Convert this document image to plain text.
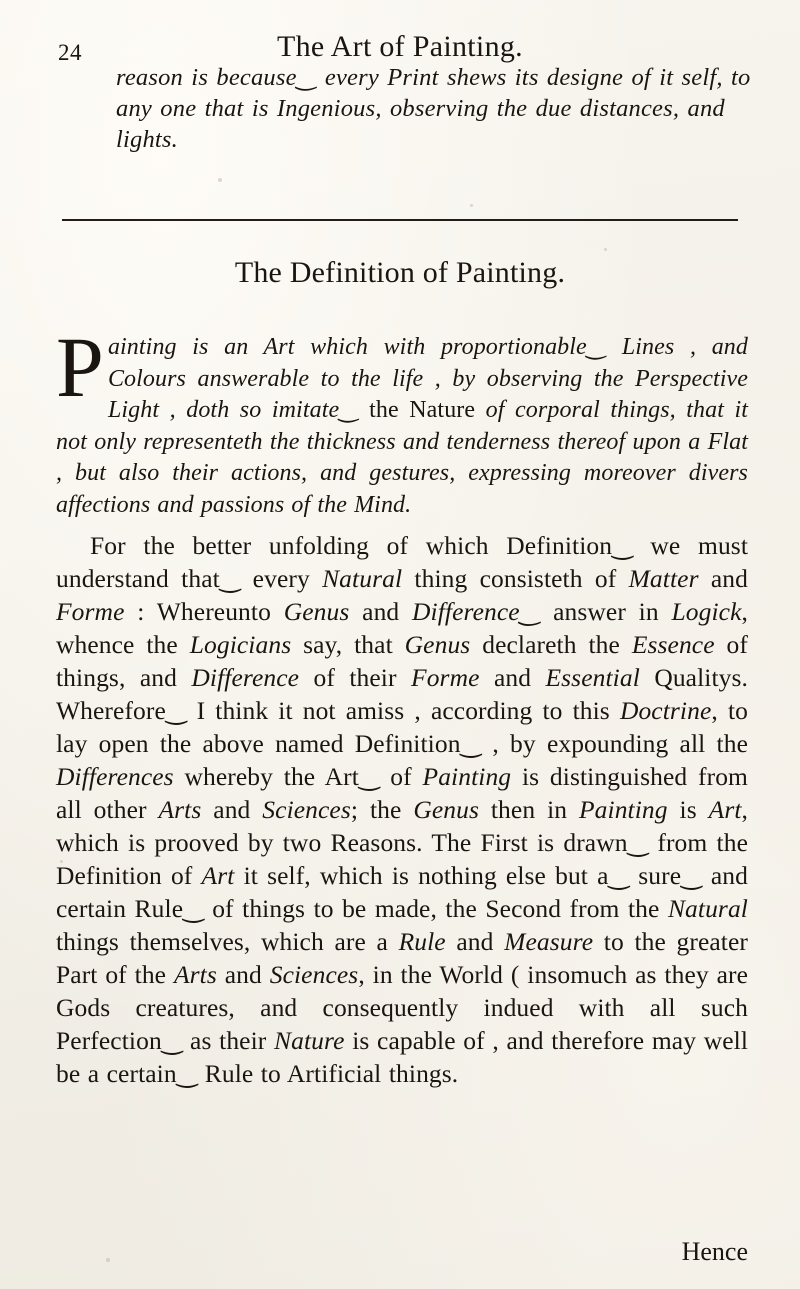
24	The Art of Painting.
reason is because‿ every Print shews its designe of it self, to any one that is Ingenious, observing the due distances, and lights.
The Definition of Painting.
Painting is an Art which with proportionable‿ Lines , and Colours answerable to the life , by observing the Perspective Light , doth so imitate‿ the Nature of corporal things, that it not only representeth the thickness and tenderness thereof upon a Flat , but also their actions, and gestures, expressing moreover divers affections and passions of the Mind.
For the better unfolding of which Definition‿ we must understand that‿ every Natural thing consisteth of Matter and Forme : Whereunto Genus and Difference‿ answer in Logick, whence the Logicians say, that Genus declareth the Essence of things, and Difference of their Forme and Essential Qualitys. Wherefore‿ I think it not amiss , according to this Doctrine, to lay open the above named Definition‿ , by expounding all the Differences whereby the Art‿ of Painting is distinguished from all other Arts and Sciences; the Genus then in Painting is Art, which is prooved by two Reasons. The First is drawn‿ from the Definition of Art it self, which is nothing else but a‿ sure‿ and certain Rule‿ of things to be made, the Second from the Natural things themselves, which are a Rule and Measure to the greater Part of the Arts and Sciences, in the World ( insomuch as they are Gods creatures, and consequently indued with all such Perfection‿ as their Nature is capable of , and therefore may well be a certain‿ Rule to Artificial things.
Hence
